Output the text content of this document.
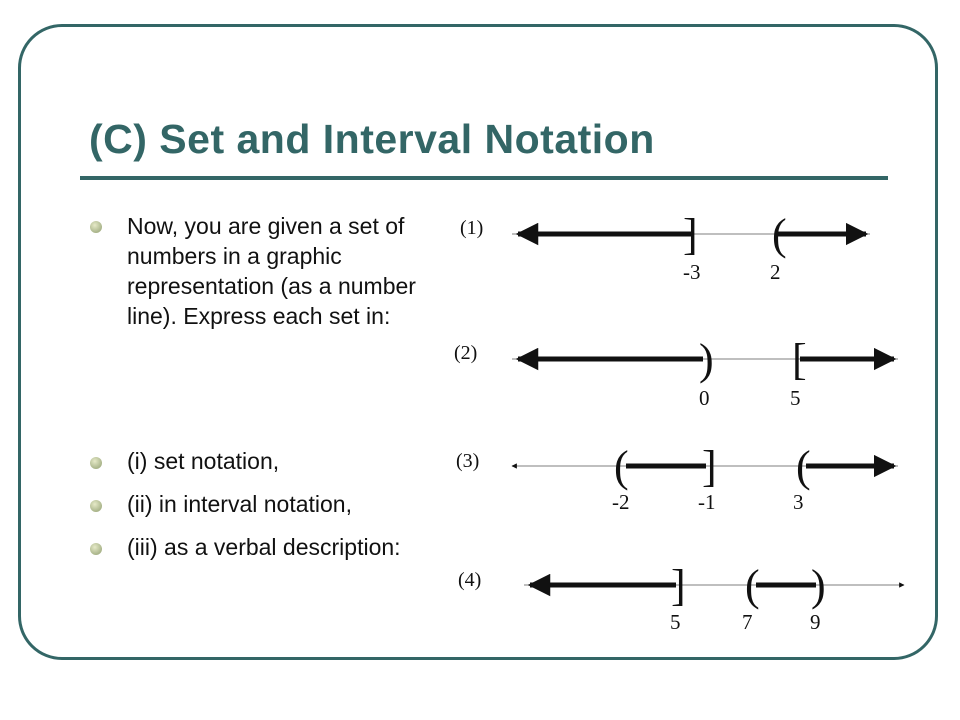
(C) Set and Interval Notation
Now, you are given a set of numbers in a graphic representation (as a number line). Express each set in:
(i) set notation,
(ii) in interval notation,
(iii) as a verbal description:
(1)	] (
-3	2
(2)	) [
0	5
(3)	( ] (
-2	-1	3
(4)	] ( )
5	7	9
